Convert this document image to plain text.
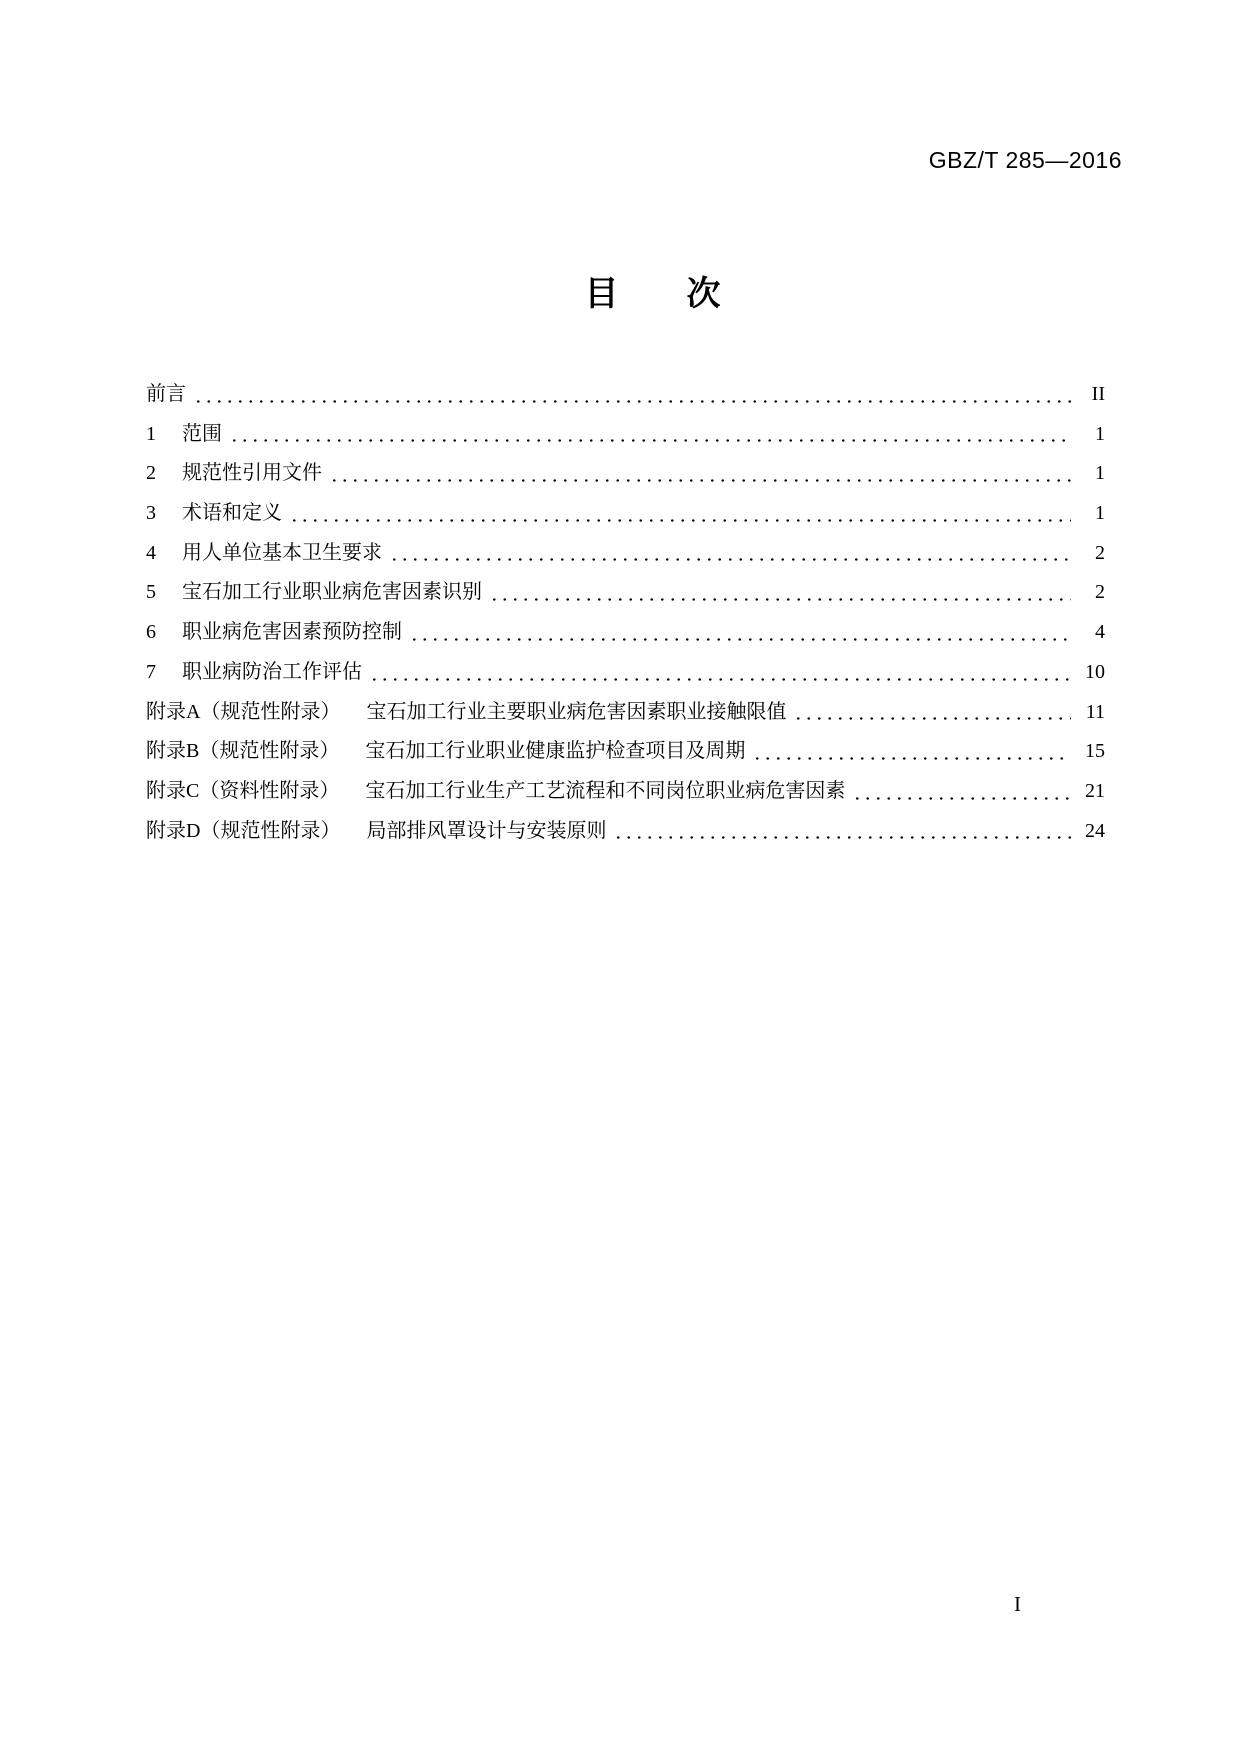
GBZ/T 285—2016
目　　次
前言	II
1	范围	1
2	规范性引用文件	1
3	术语和定义	1
4	用人单位基本卫生要求	2
5	宝石加工行业职业病危害因素识别	2
6	职业病危害因素预防控制	4
7	职业病防治工作评估	10
附录A（规范性附录） 宝石加工行业主要职业病危害因素职业接触限值	11
附录B（规范性附录） 宝石加工行业职业健康监护检查项目及周期	15
附录C（资料性附录） 宝石加工行业生产工艺流程和不同岗位职业病危害因素	21
附录D（规范性附录） 局部排风罩设计与安装原则	24
I
